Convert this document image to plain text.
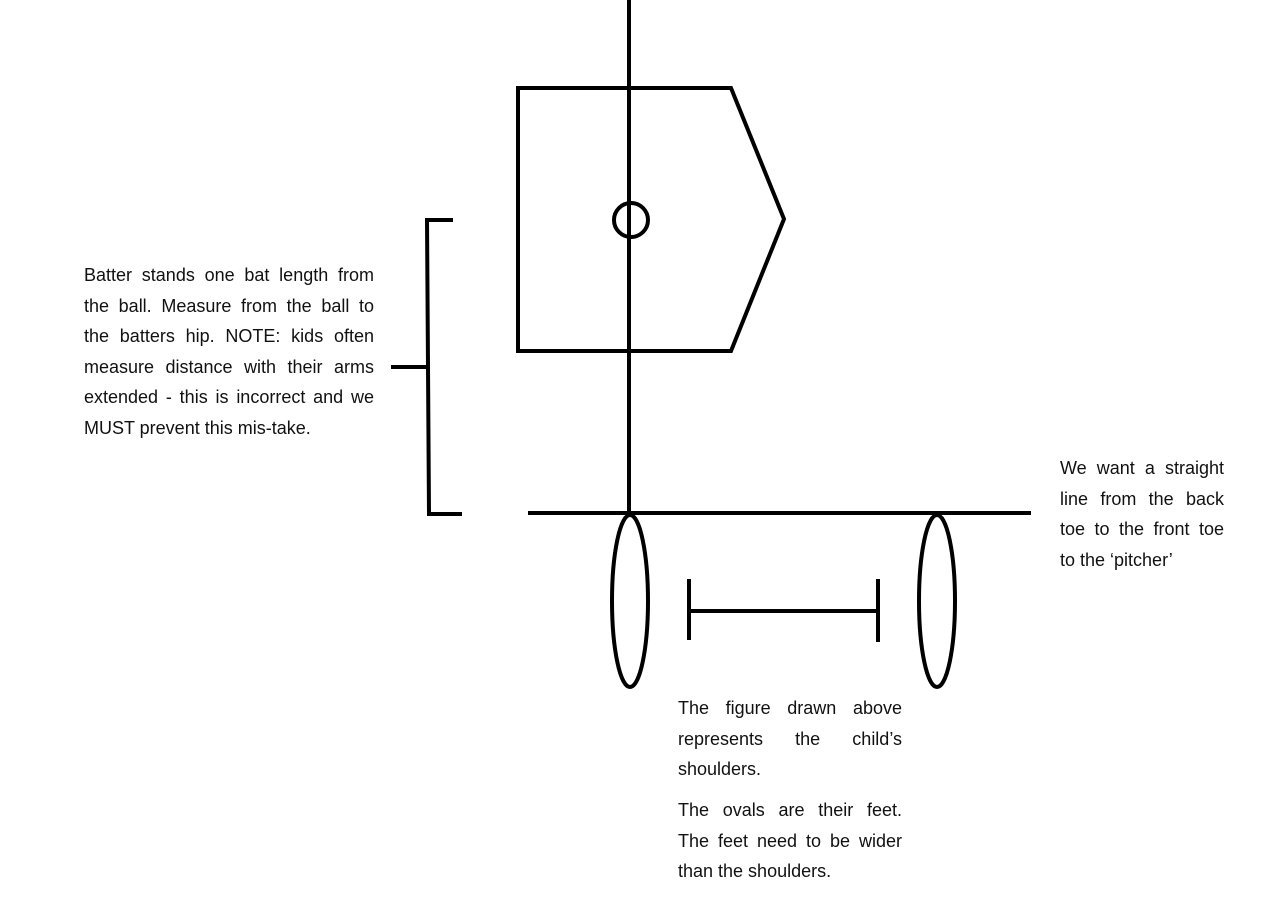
Batter stands one bat length from the ball. Measure from the ball to the batters hip. NOTE: kids often measure distance with their arms extended - this is incorrect and we MUST prevent this mis-take.

We want a straight line from the back toe to the front toe to the ‘pitcher’

The figure drawn above represents the child’s shoulders.

The ovals are their feet. The feet need to be wider than the shoulders.
